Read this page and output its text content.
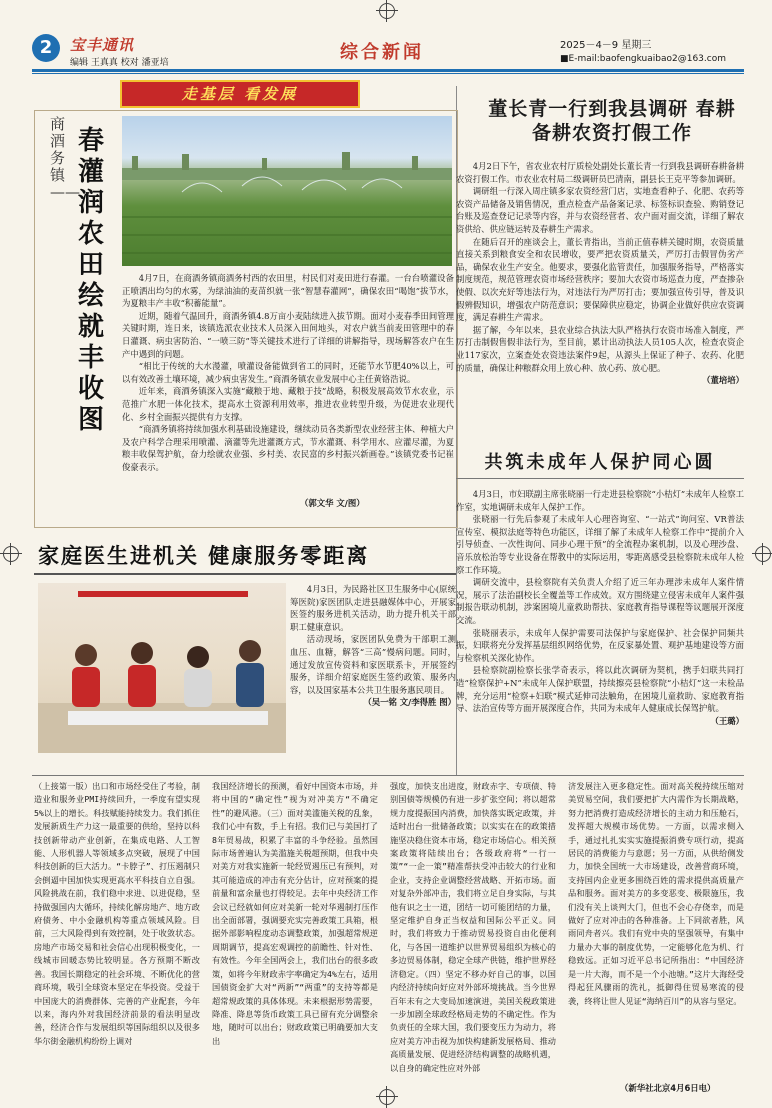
2	宝丰通讯
编辑 王真真 校对 潘亚培	综合新闻	2025－4－9 星期三
■E-mail:baofengkuaibao2@163.com
走基层 看发展
商酒务镇——
春灌润农田 绘就丰收图

4月7日，在商酒务镇商酒务村西的农田里，村民们对麦田进行春灌。一台台喷灌设备正喷洒出均匀的水雾，为绿油油的麦苗织就一张“智慧春灌网”，确保农田“喝饱”拔节水，为夏粮丰产丰收“积蓄能量”。

近期，随着气温回升，商酒务镇4.8万亩小麦陆续进入拔节期。面对小麦春季田间管理关键时期，连日来，该镇选派农业技术人员深入田间地头，对农户就当前麦田管理中的春日灌溉、病虫害防治、“一喷三防”等关键技术进行了详细的讲解指导，现场解答农户在生产中遇到的问题。

“相比于传统的大水漫灌，喷灌设备能做到省工的同时，还能节水节肥40%以上，可以有效改善土壤环境，减少病虫害发生。”商酒务镇农业发展中心主任黄铬浩说。

近年来，商酒务镇深入实施“藏粮于地、藏粮于技”战略，积极发展高效节水农业，示范推广水肥一体化技术，提高水土资源利用效率，推进农业转型升级，为促进农业现代化、乡村全面振兴提供有力支撑。

“商酒务镇将持续加强水利基础设施建设，继续动员各类新型农业经营主体、种植大户及农户科学合理采用喷灌、滴灌等先进灌溉方式，节水灌溉、科学用水、应灌尽灌，为夏粮丰收保驾护航，奋力绘就农业强、乡村美、农民富的乡村振兴新画卷。”该镇党委书记崔俊豪表示。

（郭文华 文/图）
家庭医生进机关 健康服务零距离

4月3日，为民路社区卫生服务中心(原统筹医院)家医团队走进县融媒体中心，开展家医签约服务进机关活动，助力提升机关干部职工健康意识。

活动现场，家医团队免费为干部职工测血压、血糖，解答“三高”慢病问题。同时，通过发放宣传资料和家医联系卡，开展签约服务，详细介绍家庭医生签约政策、服务内容，以及国家基本公共卫生服务惠民项目。

（吴一铭 文/李得胜 图）

董长青一行到我县调研 春耕备耕农资打假工作

4月2日下午，省农业农村厅质检处副处长董长青一行到我县调研春耕备耕农资打假工作。市农业农村局二级调研员巴清南，副县长王克平等参加调研。

调研组一行深入周庄镇多家农资经营门店，实地查看种子、化肥、农药等农资产品储备及销售情况，重点检查产品备案记录、标签标识查验、购销登记台账及巡查登记记录等内容，并与农资经营者、农户面对面交流，详细了解农资供给、供应链运转及春耕生产需求。

在随后召开的座谈会上，董长青指出，当前正值春耕关键时期，农资质量直接关系到粮食安全和农民增收，要严把农资质量关，严厉打击假冒伪劣产品，确保农业生产安全。他要求，要强化监管责任，加强服务指导，严格落实制度规范，规范管理农资市场经营秩序；要加大农资市场巡查力度，严查掺杂使假、以次充好等违法行为，对违法行为严厉打击；要加强宣传引导，普及识假辨假知识，增强农户防范意识；要保障供应稳定，协调企业做好供应农资调度，满足春耕生产需求。

据了解，今年以来，县农业综合执法大队严格执行农资市场准入制度，严厉打击制假售假非法行为，至目前，累计出动执法人员105人次，检查农资企业117家次，立案查处农资违法案件9起，从源头上保证了种子、农药、化肥的质量，确保让种粮群众用上放心种、放心药、放心肥。

（董培培）

共筑未成年人保护同心圆

4月3日，市妇联副主席张晓丽一行走进县检察院“小桔灯”未成年人检察工作室，实地调研未成年人保护工作。

张晓丽一行先后参观了未成年人心理咨询室、“一站式”询问室、VR普法宣传室、模拟法庭等特色功能区，详细了解了未成年人检察工作中“提前介入引导侦查、一次性询问、同步心理干预”的全流程办案机制，以及心理沙盘、音乐放松治等专业设备在帮教中的实际运用，零距离感受县检察院未成年人检察工作环境。

调研交流中，县检察院有关负责人介绍了近三年办理涉未成年人案件情况，展示了法治副校长全覆盖等工作成效。双方围绕建立侵害未成年人案件强制报告联动机制，涉案困境儿童救助帮扶、家庭教育指导课程等议题展开深度交流。

张晓丽表示，未成年人保护需要司法保护与家庭保护、社会保护同频共振，妇联将充分发挥基层组织网络优势，在反家暴处置、观护基地建设等方面与检察机关深化协作。

县检察院副检察长张学奇表示，将以此次调研为契机，携手妇联共同打造“检察保护+N”未成年人保护联盟，持续擦亮县检察院“小桔灯”这一未检品牌，充分运用“检察+妇联”模式延伸司法触角，在困境儿童救助、家庭教育指导、法治宣传等方面开展深度合作，共同为未成年人健康成长保驾护航。

（王璐）

（上接第一版）出口和市场经受住了考验，制造业和服务业PMI持续回升，一季度有望实现5%以上的增长。科技赋能持续发力。我们抓住发展新质生产力这一最重要的供给，坚持以科技创新带动产业创新，在集成电路、人工智能、人形机器人等领域多点突破，展现了中国科技创新的巨大活力。“卡脖子”、打压遏制只会倒逼中国加快实现更高水平科技自立自强。风险挑战在前，我们稳中求进、以进促稳，坚持做强国内大循环，持续化解房地产、地方政府债务、中小金融机构等重点领域风险。目前，三大风险得到有效控制，处于收敛状态。房地产市场交易和社会信心出现积极变化，一线城市回暖态势比较明显。各方预期不断改善。我国长期稳定的社会环境、不断优化的营商环境，吸引全球资本坚定在华投资。受益于中国庞大的消费群体、完善的产业配套，今年以来，海内外对我国经济前景的看法明显改善，经济合作与发展组织等国际组织以及很多华尔街金融机构纷纷上调对

我国经济增长的预测，看好中国资本市场，并将中国的“确定性”视为对冲美方“不确定性”的避风港。（三）面对美滥施关税的乱象，我们心中有数，手上有招。我们已与美国打了8年贸易战，积累了丰富的斗争经验。虽然国际市场普遍认为美滥施关税超预期，但我中央对美方对我实施新一轮经贸遏压已有预判，对其可能造成的冲击有充分估计，应对预案的提前量和富余量也打得较足。去年中央经济工作会议已经就如何应对美新一轮对华遏制打压作出全面部署，强调要充实完善政策工具箱，根据外部影响程度动态调整政策，加强超常规逆周期调节，提高宏观调控的前瞻性、针对性、有效性。今年全国两会上，我们出台的很多政策，如将今年财政赤字率确定为4%左右，适用国债资金扩大对“两新”“两重”的支持等都是超常规政策的具体体现。未来根据形势需要，降准、降息等货币政策工具已留有充分调整余地，随时可以出台；财政政策已明确要加大支出

强度，加快支出进度，财政赤字、专项债、特别国债等规模仍有进一步扩张空间；将以超常规力度提振国内消费，加快落实既定政策，并适时出台一批储备政策；以实实在在的政策措施坚决稳住资本市场，稳定市场信心。相关预案政策将陆续出台；各级政府将“一行一策”“一企一策”精准帮扶受冲击较大的行业和企业，支持企业调整经营战略、开拓市场。面对复杂外部冲击，我们将立足自身实际，与其他有识之士一道，团结一切可能团结的力量，坚定维护自身正当权益和国际公平正义。同时，我们将致力于推动贸易投资自由化便利化，与各国一道维护以世界贸易组织为核心的多边贸易体制，稳定全球产供链，维护世界经济稳定。（四）坚定不移办好自己的事，以国内经济持续向好应对外部环境挑战。当今世界百年未有之大变局加速演进，美国关税政策进一步加剧全球政经格局走势的不确定性。作为负责任的全球大国，我们要变压力为动力，将应对美方冲击视为加快构建新发展格局、推动高质量发展、促进经济结构调整的战略机遇，以自身的确定性应对外部

济发展注入更多稳定性。面对高关税持续压缩对美贸易空间，我们要把扩大内需作为长期战略，努力把消费打造成经济增长的主动力和压舱石，发挥超大规模市场优势。一方面，以需求侧入手，通过扎扎实实实施提振消费专项行动，提高居民的消费能力与意愿；另一方面，从供给侧发力，加快全国统一大市场建设，改善营商环境，支持国内企业更多围绕百姓的需求提供高质量产品和服务。面对美方的多变恶变、极限施压，我们没有关上谈判大门，但也不会心存侥幸，而是做好了应对冲击的各种准备。上下同欲者胜，风雨同舟者兴。我们有党中央的坚强领导，有集中力量办大事的制度优势，一定能够化危为机、行稳致远。正如习近平总书记所指出：“中国经济是一片大海，而不是一个小池塘。”这片大海经受得起狂风骤雨的洗礼，抵御得住贸易寒流的侵袭，终将让世人见证“海纳百川”的从容与坚定。

（新华社北京4月6日电）
